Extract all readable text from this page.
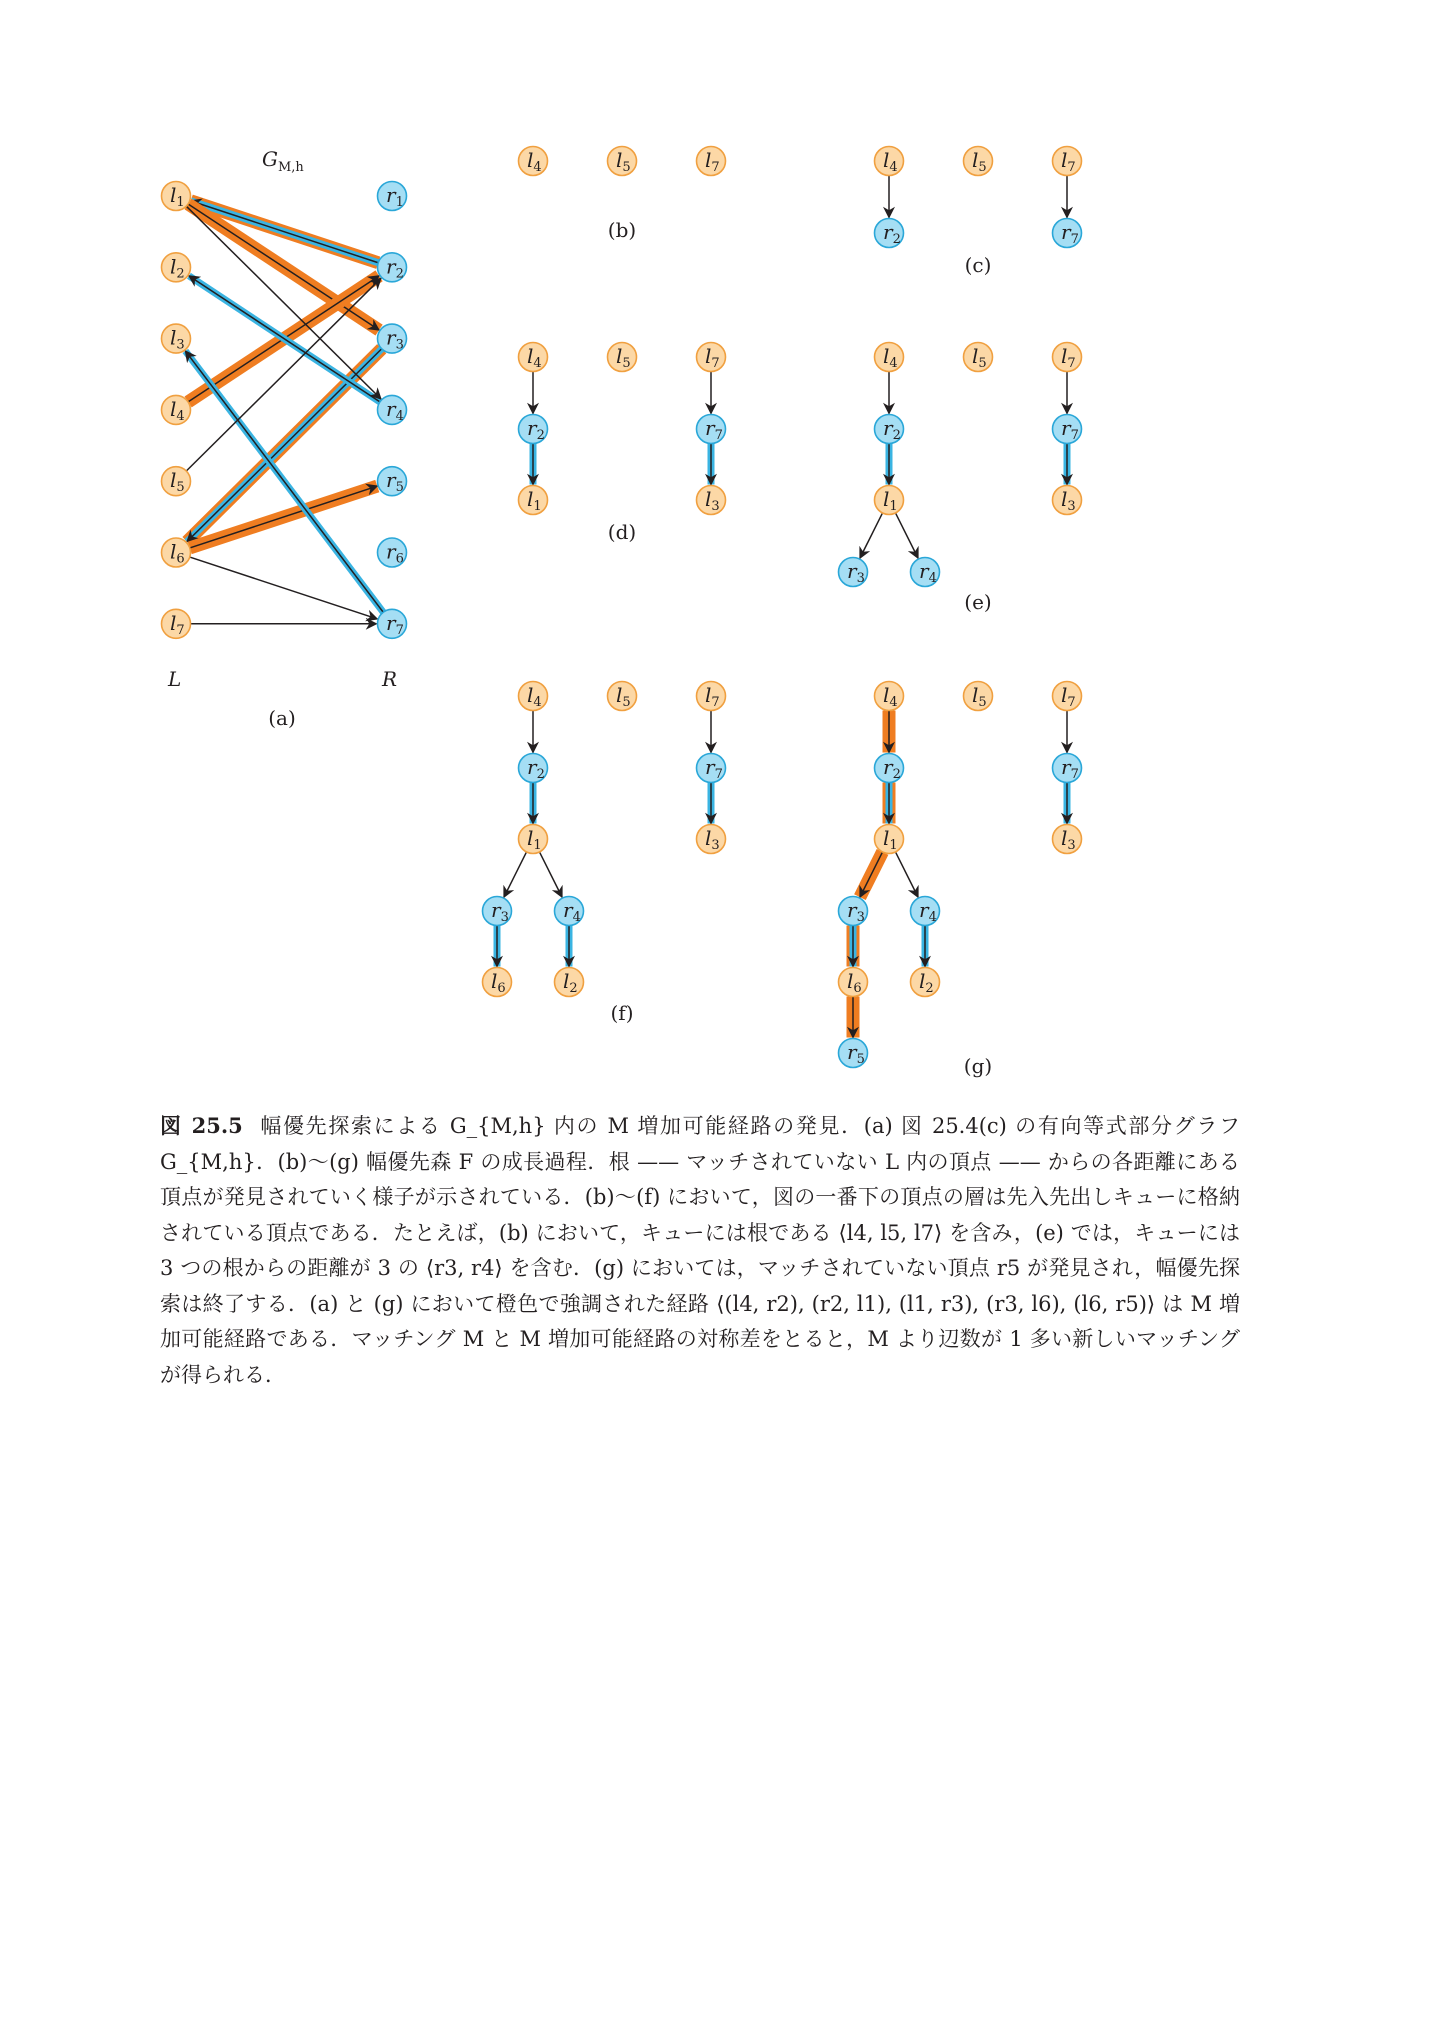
$G_{M,h}$
$l_1$
$l_2$
$l_3$
$l_4$
$l_5$
$l_6$
$l_7$
$r_1$
$r_2$
$r_3$
$r_4$
$r_5$
$r_6$
$r_7$
L	R
(a)
$l_4$	$l_5$	$l_7$
(b)
$l_4$	$l_5$	$l_7$
$r_2$	$r_7$
(c)
$l_4$	$l_5$	$l_7$
$r_2$	$r_7$
$l_1$	$l_3$
(d)
$l_4$	$l_5$	$l_7$
$r_2$	$r_7$
$l_1$	$l_3$
$r_3$	$r_4$
(e)
$l_4$	$l_5$	$l_7$
$r_2$	$r_7$
$l_1$	$l_3$
$r_3$	$r_4$
$l_6$	$l_2$
(f)
$l_4$	$l_5$	$l_7$
$r_2$	$r_7$
$l_1$	$l_3$
$r_3$	$r_4$
$l_6$	$l_2$
$r_5$	(g)

図 25.5 幅優先探索による G_{M,h} 内の M 増加可能経路の発見．(a) 図 25.4(c) の有向等式部分グラフ G_{M,h}．(b)〜(g) 幅優先森 F の成長過程．根 —— マッチされていない L 内の頂点 —— からの各距離にある頂点が発見されていく様子が示されている．(b)〜(f) において，図の一番下の頂点の層は先入先出しキューに格納されている頂点である．たとえば，(b) において，キューには根である ⟨l4, l5, l7⟩ を含み，(e) では，キューには 3 つの根からの距離が 3 の ⟨r3, r4⟩ を含む．(g) においては，マッチされていない頂点 r5 が発見され，幅優先探索は終了する．(a) と (g) において橙色で強調された経路 ⟨(l4, r2), (r2, l1), (l1, r3), (r3, l6), (l6, r5)⟩ は M 増加可能経路である．マッチング M と M 増加可能経路の対称差をとると，M より辺数が 1 多い新しいマッチングが得られる．
